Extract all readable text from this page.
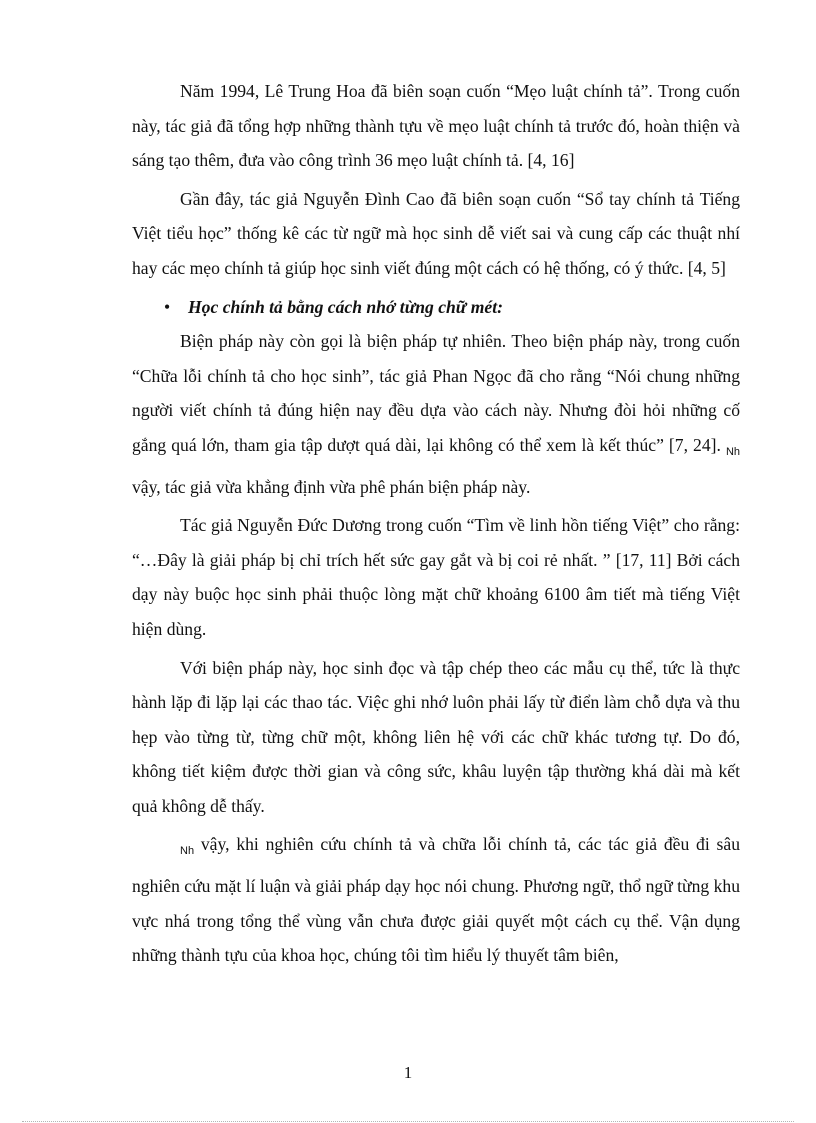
Năm 1994, Lê Trung Hoa đã biên soạn cuốn “Mẹo luật chính tả”. Trong cuốn này, tác giả đã tổng hợp những thành tựu về mẹo luật chính tả trước đó, hoàn thiện và sáng tạo thêm, đưa vào công trình 36 mẹo luật chính tả. [4, 16]

Gần đây, tác giả Nguyễn Đình Cao đã biên soạn cuốn “Sổ tay chính tả Tiếng Việt tiểu học” thống kê các từ ngữ mà học sinh dễ viết sai và cung cấp các thuật nhí hay các mẹo chính tả giúp học sinh viết đúng một cách có hệ thống, có ý thức. [4, 5]

• Học chính tả bằng cách nhớ từng chữ mét:

Biện pháp này còn gọi là biện pháp tự nhiên. Theo biện pháp này, trong cuốn “Chữa lỗi chính tả cho học sinh”, tác giả Phan Ngọc đã cho rằng “Nói chung những người viết chính tả đúng hiện nay đều dựa vào cách này. Nhưng đòi hỏi những cố gắng quá lớn, tham gia tập dượt quá dài, lại không có thể xem là kết thúc” [7, 24]. $_{Nh}$ vậy, tác giả vừa khẳng định vừa phê phán biện pháp này.

Tác giả Nguyễn Đức Dương trong cuốn “Tìm về linh hồn tiếng Việt” cho rằng: “…Đây là giải pháp bị chỉ trích hết sức gay gắt và bị coi rẻ nhất. ” [17, 11] Bởi cách dạy này buộc học sinh phải thuộc lòng mặt chữ khoảng 6100 âm tiết mà tiếng Việt hiện dùng.

Với biện pháp này, học sinh đọc và tập chép theo các mẫu cụ thể, tức là thực hành lặp đi lặp lại các thao tác. Việc ghi nhớ luôn phải lấy từ điển làm chỗ dựa và thu hẹp vào từng từ, từng chữ một, không liên hệ với các chữ khác tương tự. Do đó, không tiết kiệm được thời gian và công sức, khâu luyện tập thường khá dài mà kết quả không dễ thấy.

$_{Nh}$ vậy, khi nghiên cứu chính tả và chữa lỗi chính tả, các tác giả đều đi sâu nghiên cứu mặt lí luận và giải pháp dạy học nói chung. Phương ngữ, thổ ngữ từng khu vực nhá trong tổng thể vùng vẫn chưa được giải quyết một cách cụ thể. Vận dụng những thành tựu của khoa học, chúng tôi tìm hiểu lý thuyết tâm biên,

1
